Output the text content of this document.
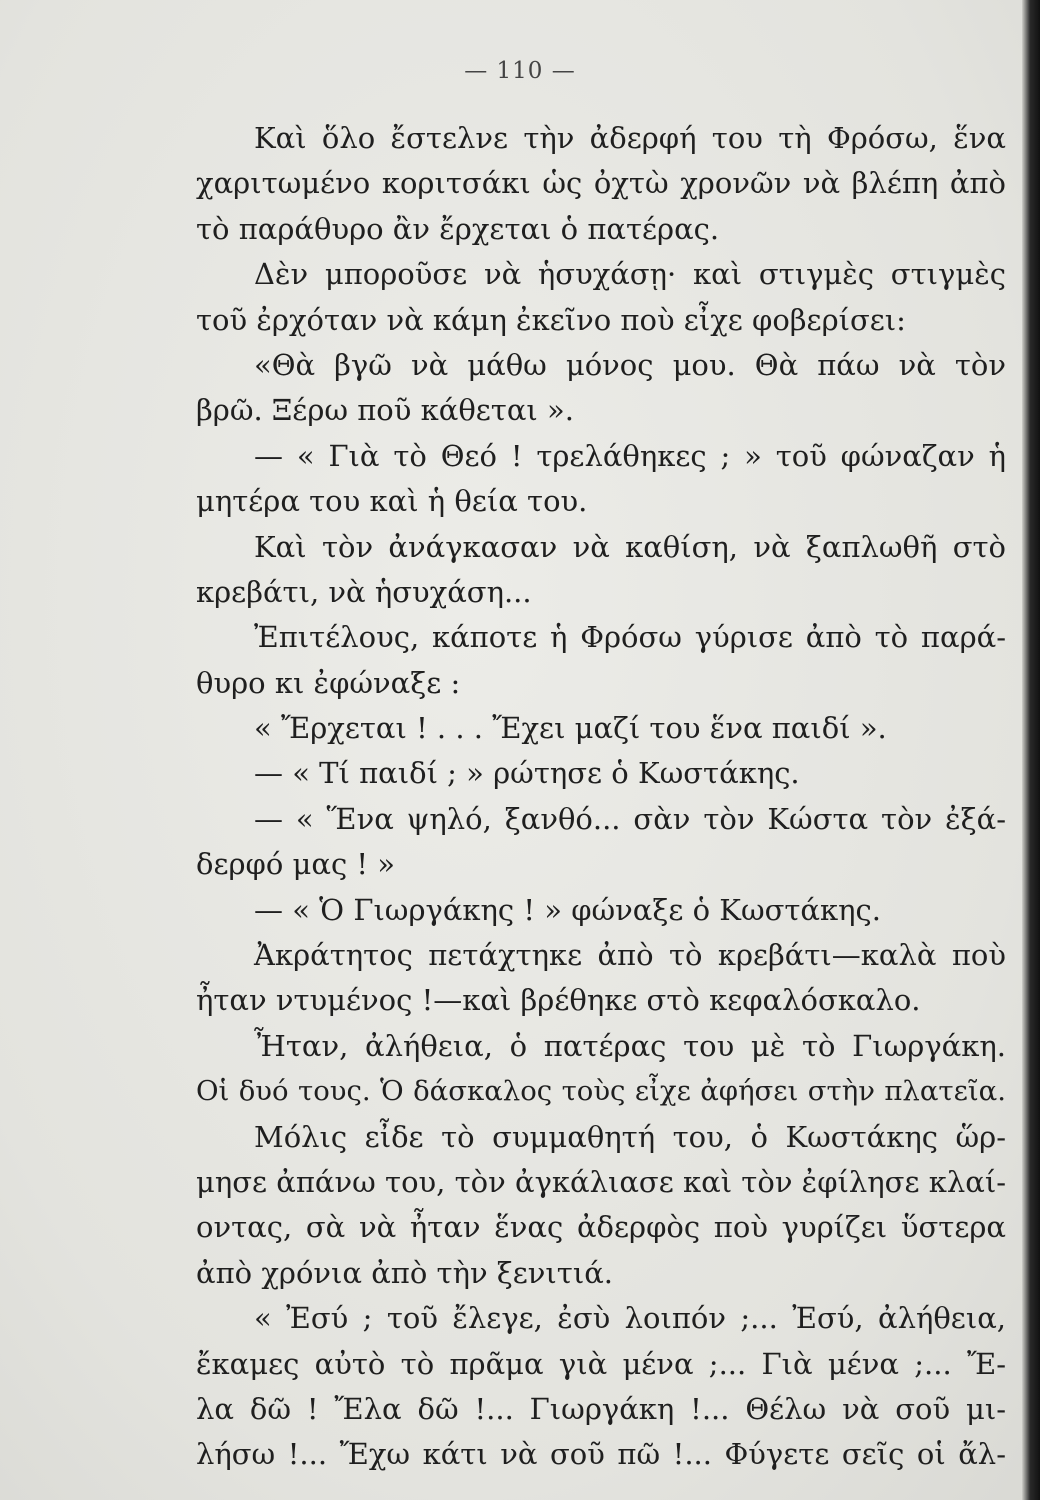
— 110 —
Καὶ ὅλο ἔστελνε τὴν ἀδερφή του τὴ Φρόσω, ἕνα
χαριτωμένο κοριτσάκι ὡς ὀχτὼ χρονῶν νὰ βλέπη ἀπὸ
τὸ παράθυρο ἂν ἔρχεται ὁ πατέρας.
Δὲν μποροῦσε νὰ ἡσυχάσῃ· καὶ στιγμὲς στιγμὲς
τοῦ ἐρχόταν νὰ κάμη ἐκεῖνο ποὺ εἶχε φοβερίσει:
«Θὰ βγῶ νὰ μάθω μόνος μου. Θὰ πάω νὰ τὸν
βρῶ. Ξέρω ποῦ κάθεται ».
— « Γιὰ τὸ Θεό ! τρελάθηκες ; » τοῦ φώναζαν ἡ
μητέρα του καὶ ἡ θεία του.
Καὶ τὸν ἀνάγκασαν νὰ καθίση, νὰ ξαπλωθῆ στὸ
κρεβάτι, νὰ ἡσυχάση...
Ἐπιτέλους, κάποτε ἡ Φρόσω γύρισε ἀπὸ τὸ παρά-
θυρο κι ἐφώναξε :
« Ἔρχεται ! . . . Ἔχει μαζί του ἕνα παιδί ».
— « Τί παιδί ; » ρώτησε ὁ Κωστάκης.
— « Ἕνα ψηλό, ξανθό... σὰν τὸν Κώστα τὸν ἐξά-
δερφό μας ! »
— « Ὁ Γιωργάκης ! » φώναξε ὁ Κωστάκης.
Ἀκράτητος πετάχτηκε ἀπὸ τὸ κρεβάτι—καλὰ ποὺ
ἦταν ντυμένος !—καὶ βρέθηκε στὸ κεφαλόσκαλο.
Ἦταν, ἀλήθεια, ὁ πατέρας του μὲ τὸ Γιωργάκη.
Οἱ δυό τους. Ὁ δάσκαλος τοὺς εἶχε ἀφήσει στὴν πλατεῖα.
Μόλις εἶδε τὸ συμμαθητή του, ὁ Κωστάκης ὥρ-
μησε ἀπάνω του, τὸν ἀγκάλιασε καὶ τὸν ἐφίλησε κλαί-
οντας, σὰ νὰ ἦταν ἕνας ἀδερφὸς ποὺ γυρίζει ὕστερα
ἀπὸ χρόνια ἀπὸ τὴν ξενιτιά.
« Ἐσύ ; τοῦ ἔλεγε, ἐσὺ λοιπόν ;... Ἐσύ, ἀλήθεια,
ἔκαμες αὐτὸ τὸ πρᾶμα γιὰ μένα ;... Γιὰ μένα ;... Ἔ-
λα δῶ ! Ἔλα δῶ !... Γιωργάκη !... Θέλω νὰ σοῦ μι-
λήσω !... Ἔχω κάτι νὰ σοῦ πῶ !... Φύγετε σεῖς οἱ ἄλ-
